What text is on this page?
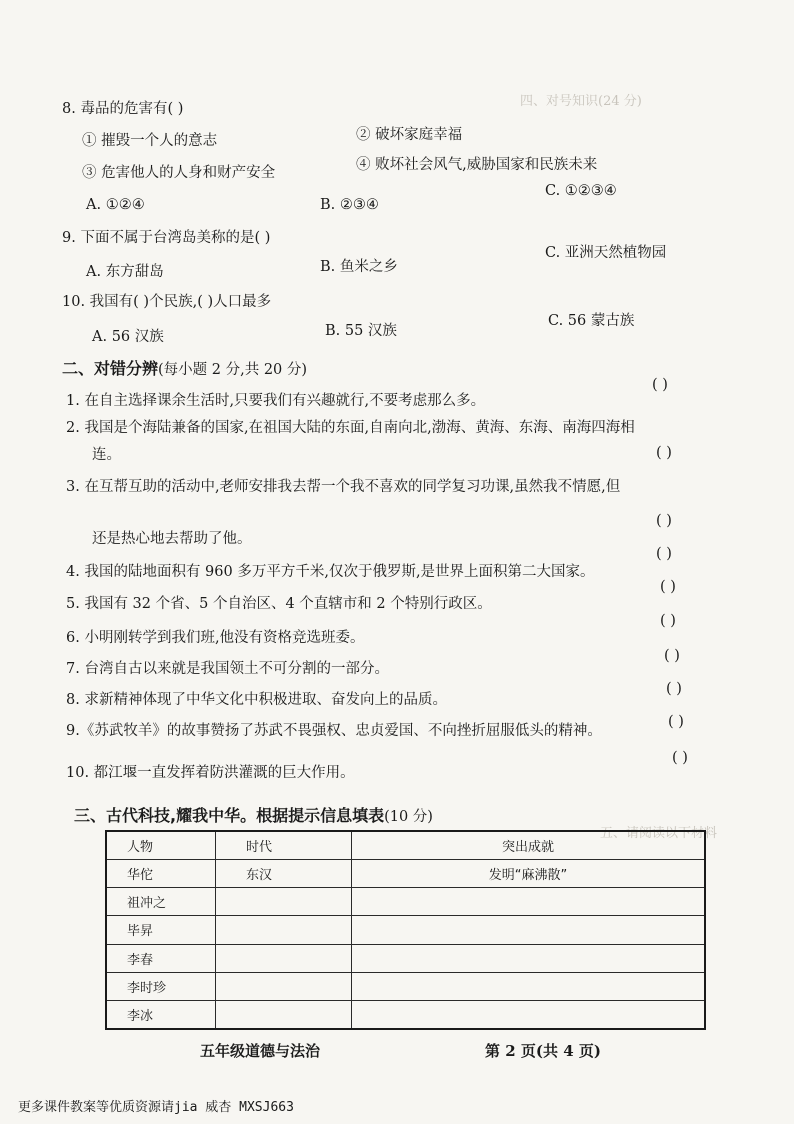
四、对号知识(24 分)
五、请阅读以下材料
8. 毒品的危害有( )
① 摧毁一个人的意志	② 破坏家庭幸福
③ 危害他人的人身和财产安全	④ 败坏社会风气,威胁国家和民族未来
A. ①②④	B. ②③④
C. ①②③④
9. 下面不属于台湾岛美称的是( )
A. 东方甜岛	B. 鱼米之乡
C. 亚洲天然植物园
10. 我国有( )个民族,( )人口最多
A. 56 汉族	B. 55 汉族
C. 56 蒙古族
二、对错分辨(每小题 2 分,共 20 分)
1. 在自主选择课余生活时,只要我们有兴趣就行,不要考虑那么多。
( )
2. 我国是个海陆兼备的国家,在祖国大陆的东面,自南向北,渤海、黄海、东海、南海四海相
连。	( )
3. 在互帮互助的活动中,老师安排我去帮一个我不喜欢的同学复习功课,虽然我不情愿,但
( )
还是热心地去帮助了他。
4. 我国的陆地面积有 960 多万平方千米,仅次于俄罗斯,是世界上面积第二大国家。
( )
5. 我国有 32 个省、5 个自治区、4 个直辖市和 2 个特别行政区。
( )
6. 小明刚转学到我们班,他没有资格竞选班委。
( )
7. 台湾自古以来就是我国领土不可分割的一部分。
( )
8. 求新精神体现了中华文化中积极进取、奋发向上的品质。
( )
9.《苏武牧羊》的故事赞扬了苏武不畏强权、忠贞爱国、不向挫折屈服低头的精神。
( )
10. 都江堰一直发挥着防洪灌溉的巨大作用。
( )
三、古代科技,耀我中华。根据提示信息填表(10 分)
人物	时代	突出成就
华佗	东汉	发明“麻沸散”
祖冲之		
毕昇		
李春		
李时珍		
李冰		
五年级道德与法治	第 2 页(共 4 页)
更多课件教案等优质资源请jia 威杏 MXSJ663
